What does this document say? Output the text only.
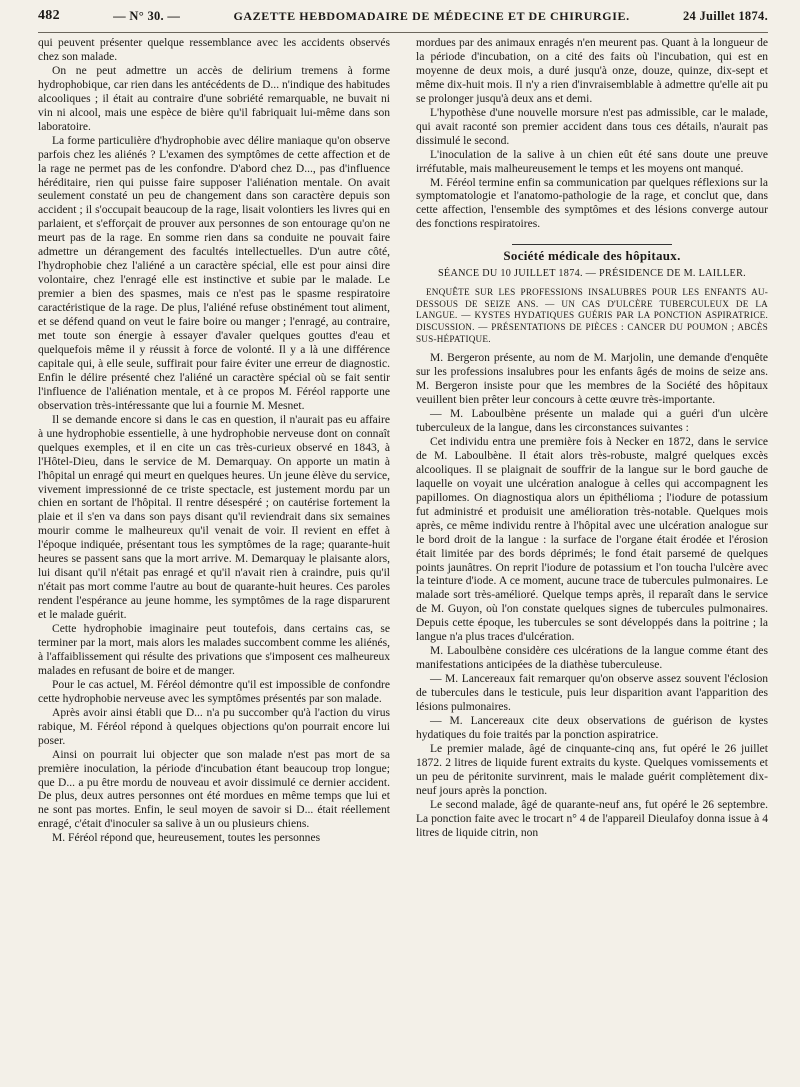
482	— N° 30. —	GAZETTE HEBDOMADAIRE DE MÉDECINE ET DE CHIRURGIE.	24 Juillet 1874.

qui peuvent présenter quelque ressemblance avec les accidents observés chez son malade.

On ne peut admettre un accès de delirium tremens à forme hydrophobique, car rien dans les antécédents de D... n'indique des habitudes alcooliques ; il était au contraire d'une sobriété remarquable, ne buvait ni vin ni alcool, mais une espèce de bière qu'il fabriquait lui-même dans son laboratoire.

La forme particulière d'hydrophobie avec délire maniaque qu'on observe parfois chez les aliénés ? L'examen des symptômes de cette affection et de la rage ne permet pas de les confondre. D'abord chez D..., pas d'influence héréditaire, rien qui puisse faire supposer l'aliénation mentale. On avait seulement constaté un peu de changement dans son caractère depuis son accident ; il s'occupait beaucoup de la rage, lisait volontiers les livres qui en parlaient, et s'efforçait de prouver aux personnes de son entourage qu'on ne meurt pas de la rage. En somme rien dans sa conduite ne pouvait faire admettre un dérangement des facultés intellectuelles. D'un autre côté, l'hydrophobie chez l'aliéné a un caractère spécial, elle est pour ainsi dire volontaire, chez l'enragé elle est instinctive et subie par le malade. Le premier a bien des spasmes, mais ce n'est pas le spasme respiratoire caractéristique de la rage. De plus, l'aliéné refuse obstinément tout aliment, et se défend quand on veut le faire boire ou manger ; l'enragé, au contraire, met toute son énergie à essayer d'avaler quelques gouttes d'eau et quelquefois même il y réussit à force de volonté. Il y a là une différence capitale qui, à elle seule, suffirait pour faire éviter une erreur de diagnostic. Enfin le délire présenté chez l'aliéné un caractère spécial où se fait sentir l'influence de l'aliénation mentale, et à ce propos M. Féréol rapporte une observation très-intéressante que lui a fournie M. Mesnet.

Il se demande encore si dans le cas en question, il n'aurait pas eu affaire à une hydrophobie essentielle, à une hydrophobie nerveuse dont on connaît quelques exemples, et il en cite un cas très-curieux observé en 1843, à l'Hôtel-Dieu, dans le service de M. Demarquay. On apporte un matin à l'hôpital un enragé qui meurt en quelques heures. Un jeune élève du service, vivement impressionné de ce triste spectacle, est justement mordu par un chien en sortant de l'hôpital. Il rentre désespéré ; on cautérise fortement la plaie et il s'en va dans son pays disant qu'il reviendrait dans six semaines mourir comme le malheureux qu'il venait de voir. Il revient en effet à l'époque indiquée, présentant tous les symptômes de la rage; quarante-huit heures se passent sans que la mort arrive. M. Demarquay le plaisante alors, lui disant qu'il n'était pas enragé et qu'il n'avait rien à craindre, puis qu'il n'était pas mort comme l'autre au bout de quarante-huit heures. Ces paroles rendent l'espérance au jeune homme, les symptômes de la rage disparurent et le malade guérit.

Cette hydrophobie imaginaire peut toutefois, dans certains cas, se terminer par la mort, mais alors les malades succombent comme les aliénés, à l'affaiblissement qui résulte des privations que s'imposent ces malheureux malades en refusant de boire et de manger.

Pour le cas actuel, M. Féréol démontre qu'il est impossible de confondre cette hydrophobie nerveuse avec les symptômes présentés par son malade.

Après avoir ainsi établi que D... n'a pu succomber qu'à l'action du virus rabique, M. Féréol répond à quelques objections qu'on pourrait encore lui poser.

Ainsi on pourrait lui objecter que son malade n'est pas mort de sa première inoculation, la période d'incubation étant beaucoup trop longue; que D... a pu être mordu de nouveau et avoir dissimulé ce dernier accident. De plus, deux autres personnes ont été mordues en même temps que lui et ne sont pas mortes. Enfin, le seul moyen de savoir si D... était réellement enragé, c'était d'inoculer sa salive à un ou plusieurs chiens.

M. Féréol répond que, heureusement, toutes les personnes

mordues par des animaux enragés n'en meurent pas. Quant à la longueur de la période d'incubation, on a cité des faits où l'incubation, qui est en moyenne de deux mois, a duré jusqu'à onze, douze, quinze, dix-sept et même dix-huit mois. Il n'y a rien d'invraisemblable à admettre qu'elle ait pu se prolonger jusqu'à deux ans et demi.

L'hypothèse d'une nouvelle morsure n'est pas admissible, car le malade, qui avait raconté son premier accident dans tous ces détails, n'aurait pas dissimulé le second.

L'inoculation de la salive à un chien eût été sans doute une preuve irréfutable, mais malheureusement le temps et les moyens ont manqué.

M. Féréol termine enfin sa communication par quelques réflexions sur la symptomatologie et l'anatomo-pathologie de la rage, et conclut que, dans cette affection, l'ensemble des symptômes et des lésions converge autour des fonctions respiratoires.

Société médicale des hôpitaux.
SÉANCE DU 10 JUILLET 1874. — PRÉSIDENCE DE M. LAILLER.
ENQUÊTE SUR LES PROFESSIONS INSALUBRES POUR LES ENFANTS AU-DESSOUS DE SEIZE ANS. — UN CAS D'ULCÈRE TUBERCULEUX DE LA LANGUE. — KYSTES HYDATIQUES GUÉRIS PAR LA PONCTION ASPIRATRICE. DISCUSSION. — PRÉSENTATIONS DE PIÈCES : CANCER DU POUMON ; ABCÈS SUS-HÉPATIQUE.

M. Bergeron présente, au nom de M. Marjolin, une demande d'enquête sur les professions insalubres pour les enfants âgés de moins de seize ans. M. Bergeron insiste pour que les membres de la Société des hôpitaux veuillent bien prêter leur concours à cette œuvre très-importante.

— M. Laboulbène présente un malade qui a guéri d'un ulcère tuberculeux de la langue, dans les circonstances suivantes :

Cet individu entra une première fois à Necker en 1872, dans le service de M. Laboulbène. Il était alors très-robuste, malgré quelques excès alcooliques. Il se plaignait de souffrir de la langue sur le bord gauche de laquelle on voyait une ulcération analogue à celles qui accompagnent les papillomes. On diagnostiqua alors un épithélioma ; l'iodure de potassium fut administré et produisit une amélioration très-notable. Quelques mois après, ce même individu rentre à l'hôpital avec une ulcération analogue sur le bord droit de la langue : la surface de l'organe était érodée et l'érosion était limitée par des bords déprimés; le fond était parsemé de quelques points jaunâtres. On reprit l'iodure de potassium et l'on toucha l'ulcère avec la teinture d'iode. A ce moment, aucune trace de tubercules pulmonaires. Le malade sort très-amélioré. Quelque temps après, il reparaît dans le service de M. Guyon, où l'on constate quelques signes de tubercules pulmonaires. Depuis cette époque, les tubercules se sont développés dans la poitrine ; la langue n'a plus traces d'ulcération.

M. Laboulbène considère ces ulcérations de la langue comme étant des manifestations anticipées de la diathèse tuberculeuse.

— M. Lancereaux fait remarquer qu'on observe assez souvent l'éclosion de tubercules dans le testicule, puis leur disparition avant l'apparition des lésions pulmonaires.

— M. Lancereaux cite deux observations de guérison de kystes hydatiques du foie traités par la ponction aspiratrice.

Le premier malade, âgé de cinquante-cinq ans, fut opéré le 26 juillet 1872. 2 litres de liquide furent extraits du kyste. Quelques vomissements et un peu de péritonite survinrent, mais le malade guérit complètement dix-neuf jours après la ponction.

Le second malade, âgé de quarante-neuf ans, fut opéré le 26 septembre. La ponction faite avec le trocart n° 4 de l'appareil Dieulafoy donna issue à 4 litres de liquide citrin, non
